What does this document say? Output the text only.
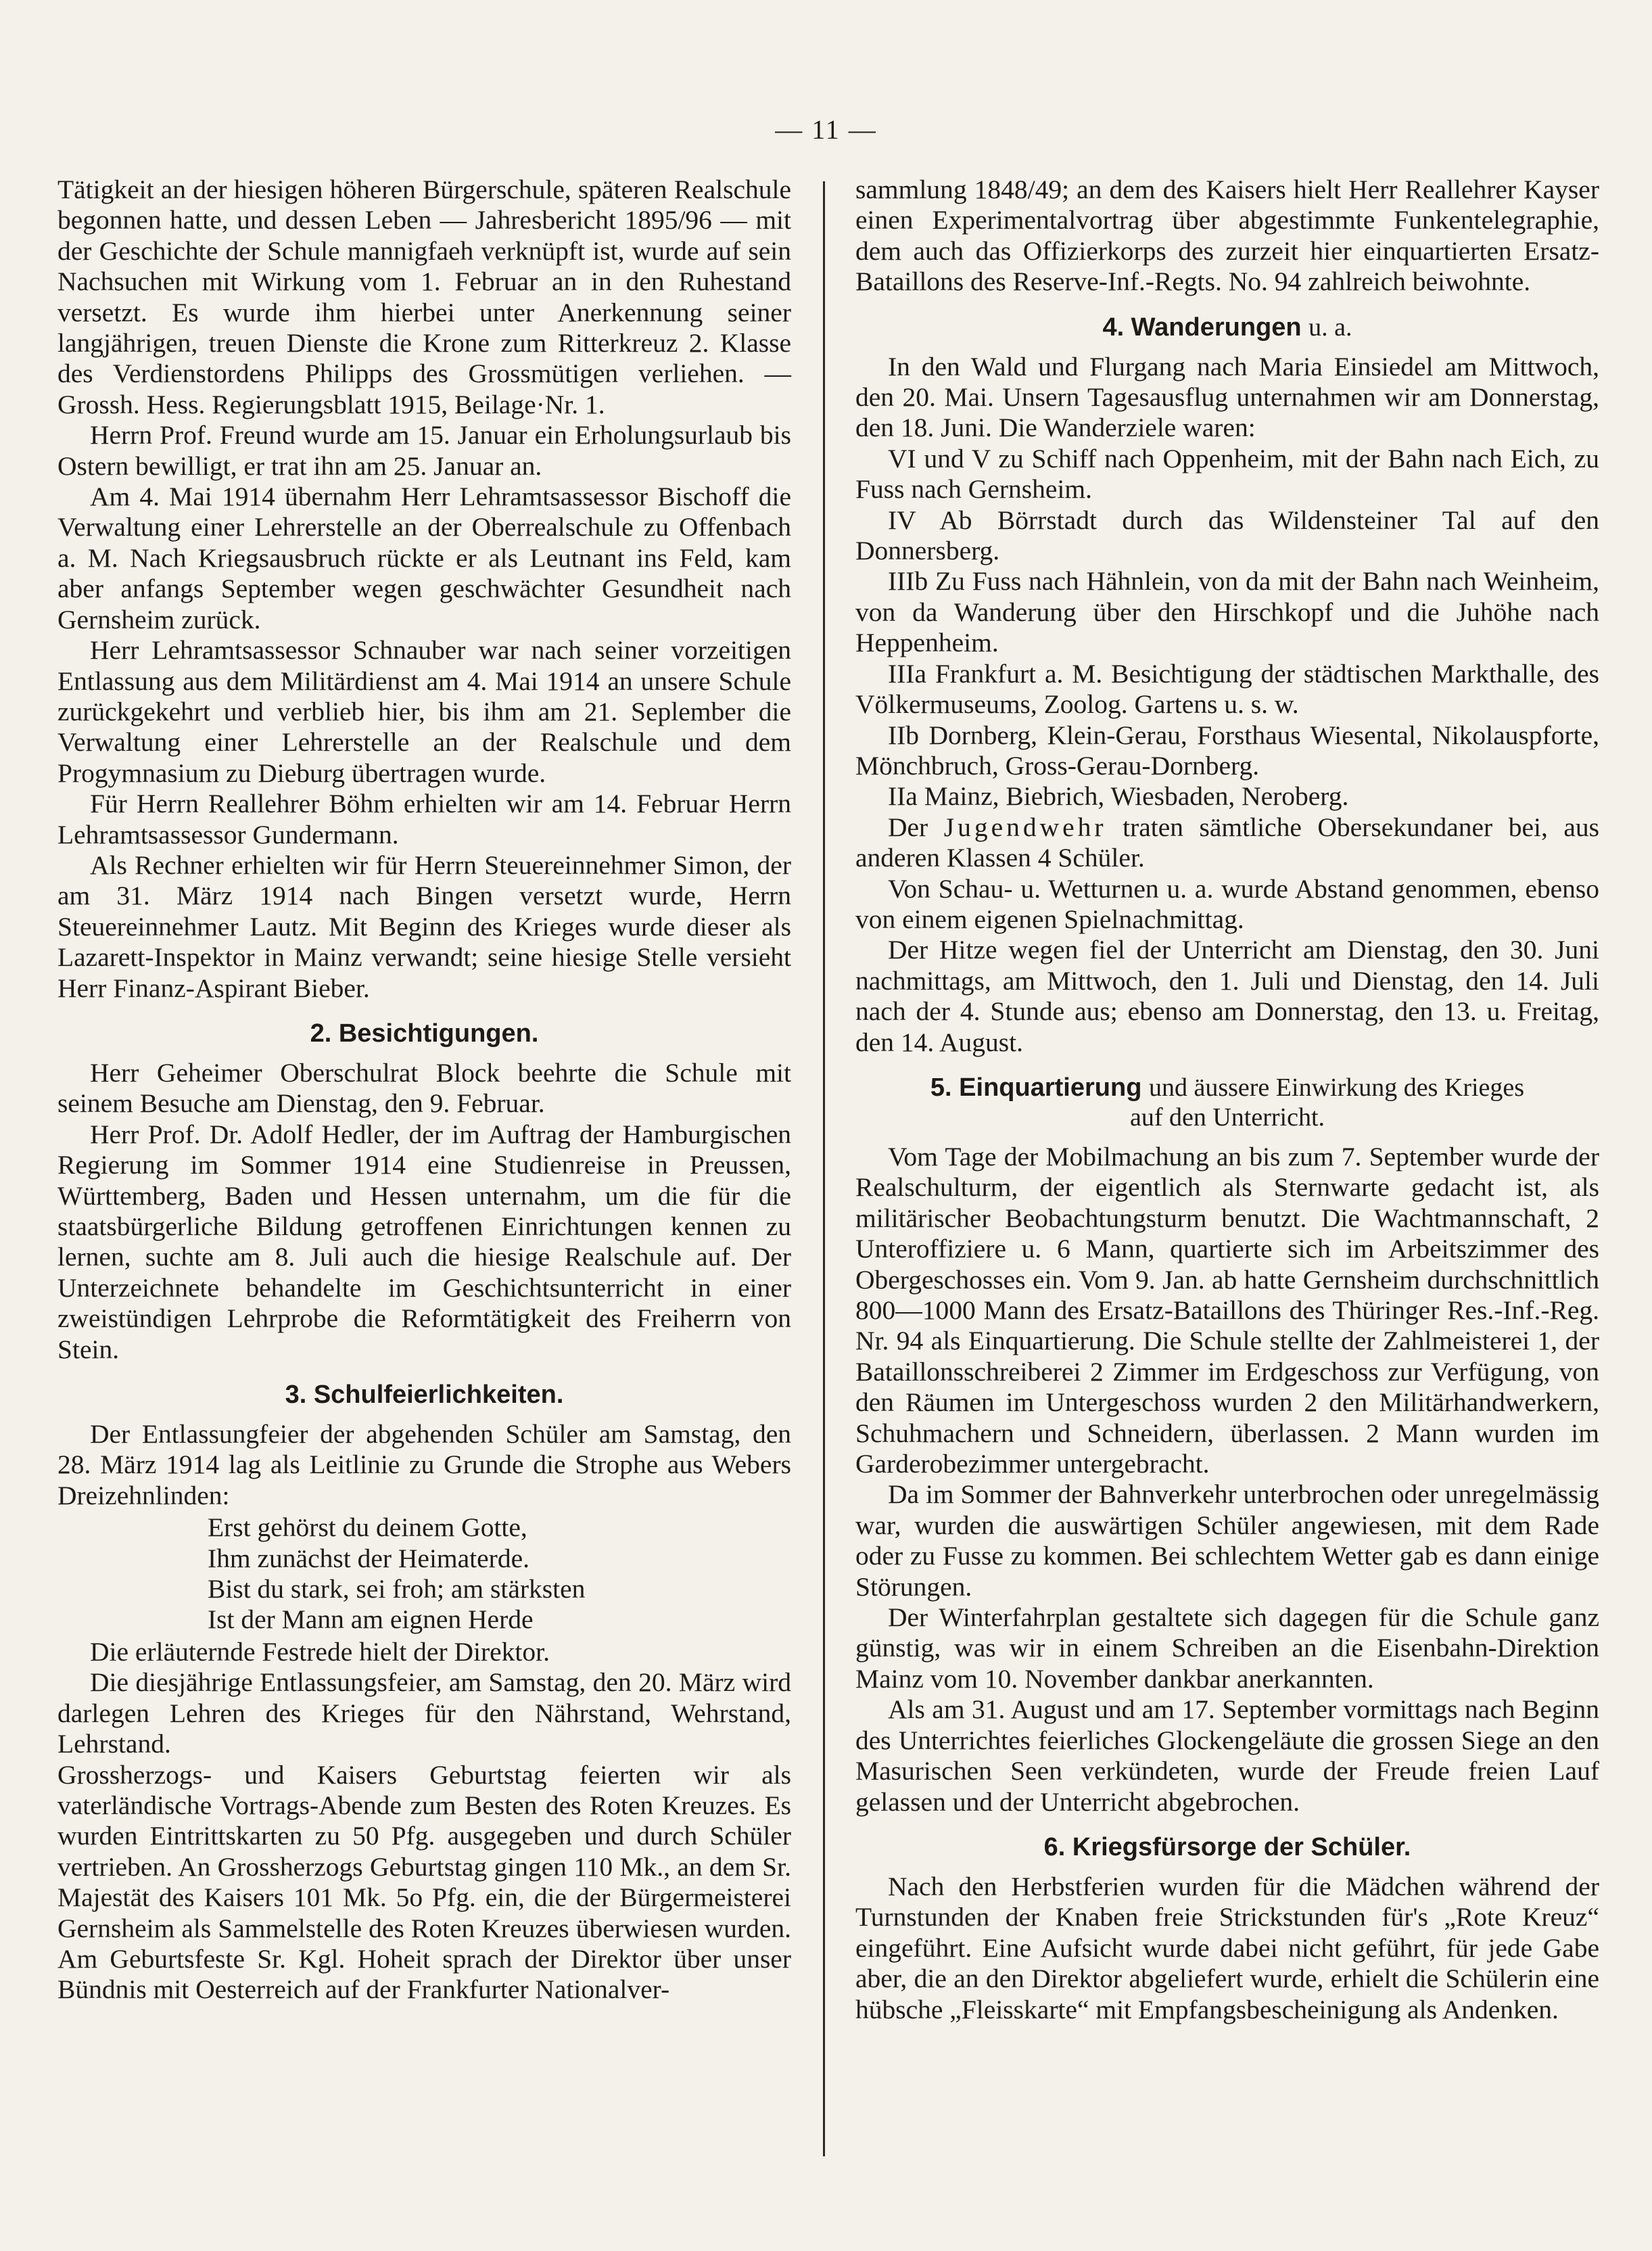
— 11 —

Tätigkeit an der hiesigen höheren Bürgerschule, späteren Realschule begonnen hatte, und dessen Leben — Jahresbericht 1895/96 — mit der Geschichte der Schule mannigfaeh verknüpft ist, wurde auf sein Nachsuchen mit Wirkung vom 1. Februar an in den Ruhestand versetzt. Es wurde ihm hierbei unter Anerkennung seiner langjährigen, treuen Dienste die Krone zum Ritterkreuz 2. Klasse des Verdienstordens Philipps des Grossmütigen verliehen. — Grossh. Hess. Regierungsblatt 1915, Beilage·Nr. 1.

Herrn Prof. Freund wurde am 15. Januar ein Erholungsurlaub bis Ostern bewilligt, er trat ihn am 25. Januar an.

Am 4. Mai 1914 übernahm Herr Lehramtsassessor Bischoff die Verwaltung einer Lehrerstelle an der Oberrealschule zu Offenbach a. M. Nach Kriegsausbruch rückte er als Leutnant ins Feld, kam aber anfangs September wegen geschwächter Gesundheit nach Gernsheim zurück.

Herr Lehramtsassessor Schnauber war nach seiner vorzeitigen Entlassung aus dem Militärdienst am 4. Mai 1914 an unsere Schule zurückgekehrt und verblieb hier, bis ihm am 21. Seplember die Verwaltung einer Lehrerstelle an der Realschule und dem Progymnasium zu Dieburg übertragen wurde.

Für Herrn Reallehrer Böhm erhielten wir am 14. Februar Herrn Lehramtsassessor Gundermann.

Als Rechner erhielten wir für Herrn Steuereinnehmer Simon, der am 31. März 1914 nach Bingen versetzt wurde, Herrn Steuereinnehmer Lautz. Mit Beginn des Krieges wurde dieser als Lazarett-Inspektor in Mainz verwandt; seine hiesige Stelle versieht Herr Finanz-Aspirant Bieber.

2. Besichtigungen.

Herr Geheimer Oberschulrat Block beehrte die Schule mit seinem Besuche am Dienstag, den 9. Februar.

Herr Prof. Dr. Adolf Hedler, der im Auftrag der Hamburgischen Regierung im Sommer 1914 eine Studienreise in Preussen, Württemberg, Baden und Hessen unternahm, um die für die staatsbürgerliche Bildung getroffenen Einrichtungen kennen zu lernen, suchte am 8. Juli auch die hiesige Realschule auf. Der Unterzeichnete behandelte im Geschichtsunterricht in einer zweistündigen Lehrprobe die Reformtätigkeit des Freiherrn von Stein.

3. Schulfeierlichkeiten.

Der Entlassungfeier der abgehenden Schüler am Samstag, den 28. März 1914 lag als Leitlinie zu Grunde die Strophe aus Webers Dreizehnlinden:

Erst gehörst du deinem Gotte,
Ihm zunächst der Heimaterde.
Bist du stark, sei froh; am stärksten
Ist der Mann am eignen Herde

Die erläuternde Festrede hielt der Direktor.

Die diesjährige Entlassungsfeier, am Samstag, den 20. März wird darlegen Lehren des Krieges für den Nährstand, Wehrstand, Lehrstand.

Grossherzogs- und Kaisers Geburtstag feierten wir als vaterländische Vortrags-Abende zum Besten des Roten Kreuzes. Es wurden Eintrittskarten zu 50 Pfg. ausgegeben und durch Schüler vertrieben. An Grossherzogs Geburtstag gingen 110 Mk., an dem Sr. Majestät des Kaisers 101 Mk. 5o Pfg. ein, die der Bürgermeisterei Gernsheim als Sammelstelle des Roten Kreuzes überwiesen wurden. Am Geburtsfeste Sr. Kgl. Hoheit sprach der Direktor über unser Bündnis mit Oesterreich auf der Frankfurter Nationalver-

sammlung 1848/49; an dem des Kaisers hielt Herr Reallehrer Kayser einen Experimentalvortrag über abgestimmte Funkentelegraphie, dem auch das Offizierkorps des zurzeit hier einquartierten Ersatz-Bataillons des Reserve-Inf.-Regts. No. 94 zahlreich beiwohnte.

4. Wanderungen u. a.

In den Wald und Flurgang nach Maria Einsiedel am Mittwoch, den 20. Mai. Unsern Tagesausflug unternahmen wir am Donnerstag, den 18. Juni. Die Wanderziele waren:

VI und V zu Schiff nach Oppenheim, mit der Bahn nach Eich, zu Fuss nach Gernsheim.

IV Ab Börrstadt durch das Wildensteiner Tal auf den Donnersberg.

IIIb Zu Fuss nach Hähnlein, von da mit der Bahn nach Weinheim, von da Wanderung über den Hirschkopf und die Juhöhe nach Heppenheim.

IIIa Frankfurt a. M. Besichtigung der städtischen Markthalle, des Völkermuseums, Zoolog. Gartens u. s. w.

IIb Dornberg, Klein-Gerau, Forsthaus Wiesental, Nikolauspforte, Mönchbruch, Gross-Gerau-Dornberg.

IIa Mainz, Biebrich, Wiesbaden, Neroberg.

Der Jugendwehr traten sämtliche Obersekundaner bei, aus anderen Klassen 4 Schüler.

Von Schau- u. Wetturnen u. a. wurde Abstand genommen, ebenso von einem eigenen Spielnachmittag.

Der Hitze wegen fiel der Unterricht am Dienstag, den 30. Juni nachmittags, am Mittwoch, den 1. Juli und Dienstag, den 14. Juli nach der 4. Stunde aus; ebenso am Donnerstag, den 13. u. Freitag, den 14. August.

5. Einquartierung und äussere Einwirkung des Krieges
auf den Unterricht.

Vom Tage der Mobilmachung an bis zum 7. September wurde der Realschulturm, der eigentlich als Sternwarte gedacht ist, als militärischer Beobachtungsturm benutzt. Die Wachtmannschaft, 2 Unteroffiziere u. 6 Mann, quartierte sich im Arbeitszimmer des Obergeschosses ein. Vom 9. Jan. ab hatte Gernsheim durchschnittlich 800—1000 Mann des Ersatz-Bataillons des Thüringer Res.-Inf.-Reg. Nr. 94 als Einquartierung. Die Schule stellte der Zahlmeisterei 1, der Bataillonsschreiberei 2 Zimmer im Erdgeschoss zur Verfügung, von den Räumen im Untergeschoss wurden 2 den Militärhandwerkern, Schuhmachern und Schneidern, überlassen. 2 Mann wurden im Garderobezimmer untergebracht.

Da im Sommer der Bahnverkehr unterbrochen oder unregelmässig war, wurden die auswärtigen Schüler angewiesen, mit dem Rade oder zu Fusse zu kommen. Bei schlechtem Wetter gab es dann einige Störungen.

Der Winterfahrplan gestaltete sich dagegen für die Schule ganz günstig, was wir in einem Schreiben an die Eisenbahn-Direktion Mainz vom 10. November dankbar anerkannten.

Als am 31. August und am 17. September vormittags nach Beginn des Unterrichtes feierliches Glockengeläute die grossen Siege an den Masurischen Seen verkündeten, wurde der Freude freien Lauf gelassen und der Unterricht abgebrochen.

6. Kriegsfürsorge der Schüler.

Nach den Herbstferien wurden für die Mädchen während der Turnstunden der Knaben freie Strickstunden für's „Rote Kreuz“ eingeführt. Eine Aufsicht wurde dabei nicht geführt, für jede Gabe aber, die an den Direktor abgeliefert wurde, erhielt die Schülerin eine hübsche „Fleisskarte“ mit Empfangsbescheinigung als Andenken.
